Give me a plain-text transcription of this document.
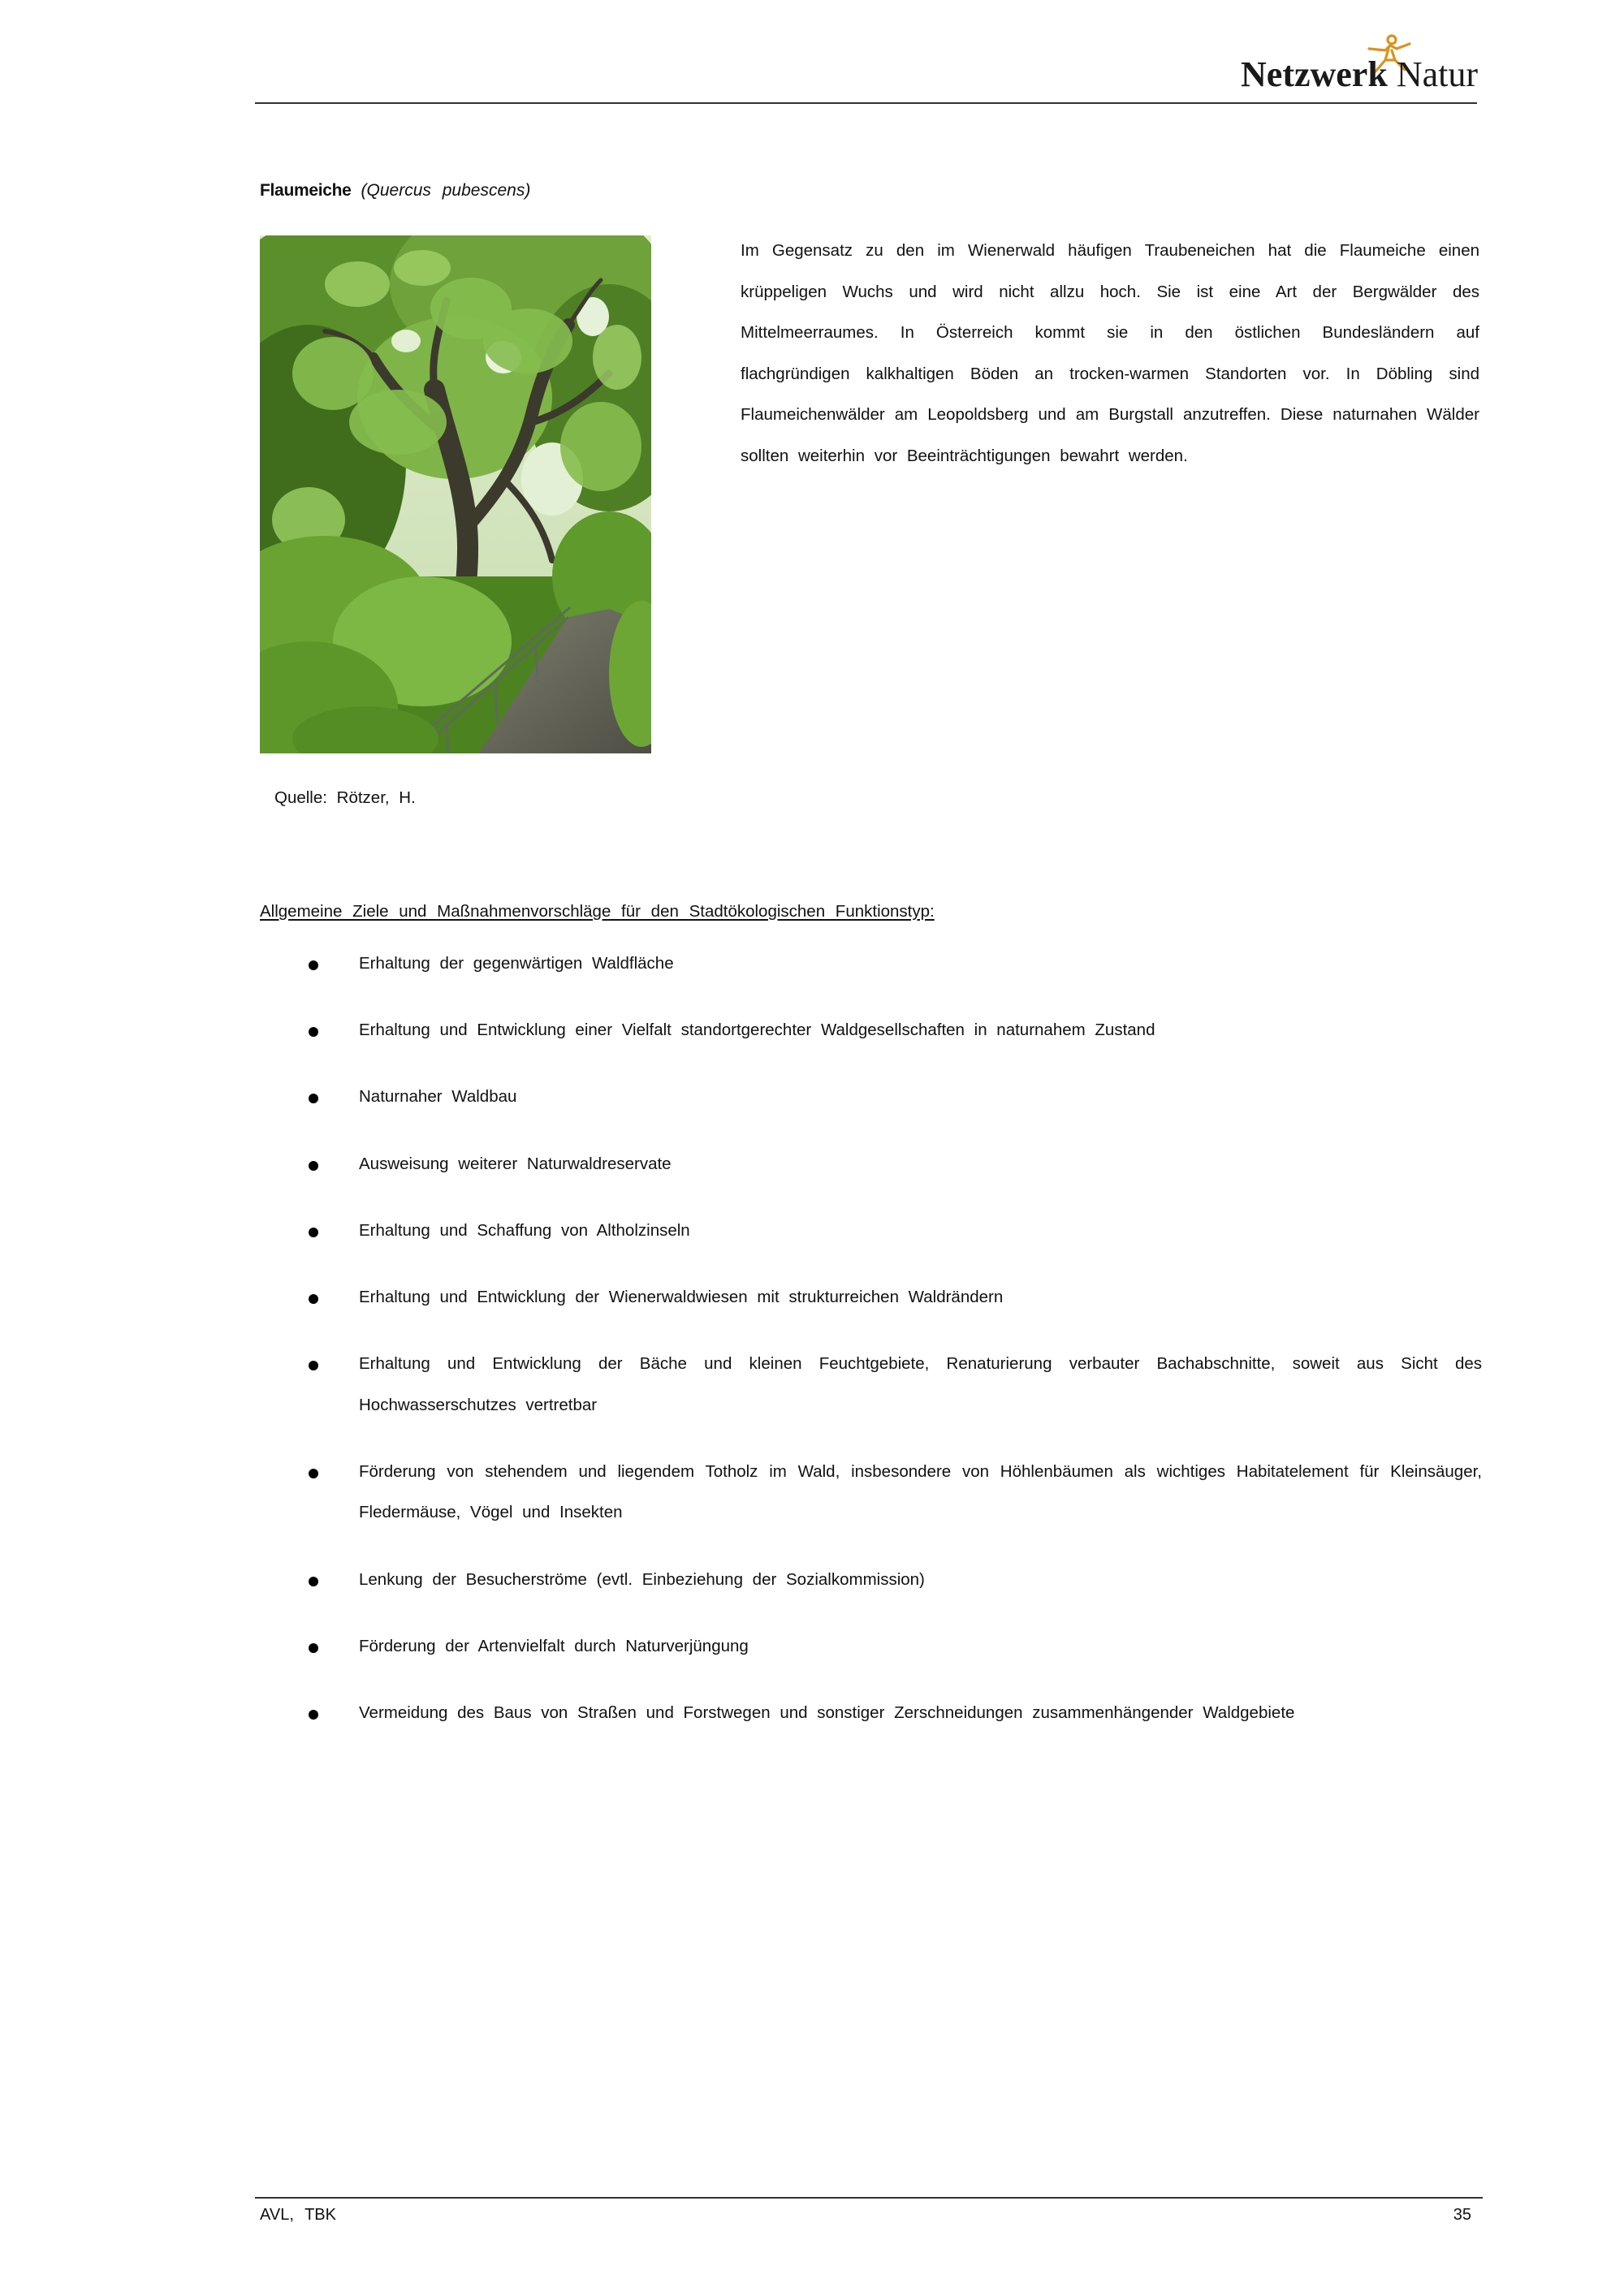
Netzwerk Natur
Flaumeiche (Quercus pubescens)

Im Gegensatz zu den im Wienerwald häufigen Traubeneichen hat die Flaumeiche einen krüppeligen Wuchs und wird nicht allzu hoch. Sie ist eine Art der Bergwälder des Mittelmeerraumes. In Österreich kommt sie in den östlichen Bundesländern auf flachgründigen kalkhaltigen Böden an trocken-warmen Standorten vor. In Döbling sind Flaumeichenwälder am Leopoldsberg und am Burgstall anzutreffen. Diese naturnahen Wälder sollten weiterhin vor Beeinträchtigungen bewahrt werden.

Quelle: Rötzer, H.
Allgemeine Ziele und Maßnahmenvorschläge für den Stadtökologischen Funktionstyp:
Erhaltung der gegenwärtigen Waldfläche
Erhaltung und Entwicklung einer Vielfalt standortgerechter Waldgesellschaften in naturnahem Zustand
Naturnaher Waldbau
Ausweisung weiterer Naturwaldreservate
Erhaltung und Schaffung von Altholzinseln
Erhaltung und Entwicklung der Wienerwaldwiesen mit strukturreichen Waldrändern
Erhaltung und Entwicklung der Bäche und kleinen Feuchtgebiete, Renaturierung verbauter Bachabschnitte, soweit aus Sicht des Hochwasserschutzes vertretbar
Förderung von stehendem und liegendem Totholz im Wald, insbesondere von Höhlenbäumen als wichtiges Habitatelement für Kleinsäuger, Fledermäuse, Vögel und Insekten
Lenkung der Besucherströme (evtl. Einbeziehung der Sozialkommission)
Förderung der Artenvielfalt durch Naturverjüngung
Vermeidung des Baus von Straßen und Forstwegen und sonstiger Zerschneidungen zusammenhängender Waldgebiete
AVL, TBK	35
